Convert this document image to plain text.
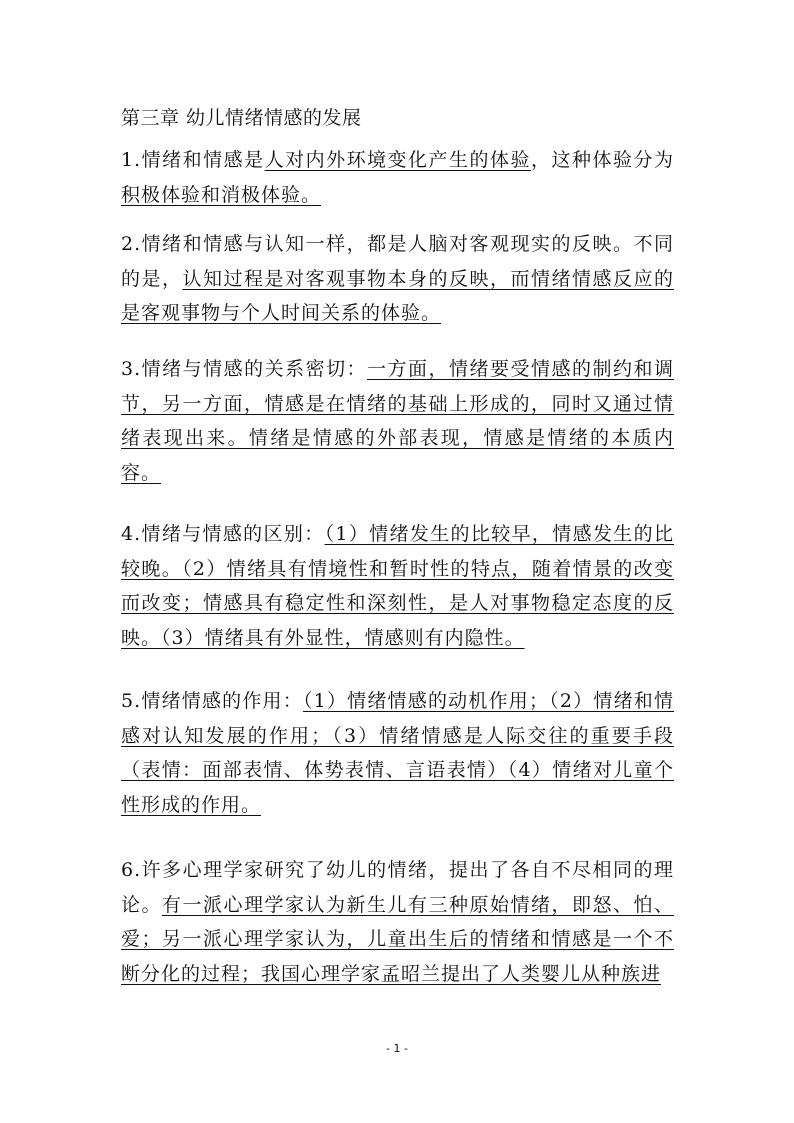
第三章 幼儿情绪情感的发展
1.情绪和情感是人对内外环境变化产生的体验，这种体验分为积极体验和消极体验。
2.情绪和情感与认知一样，都是人脑对客观现实的反映。不同的是，认知过程是对客观事物本身的反映，而情绪情感反应的是客观事物与个人时间关系的体验。
3.情绪与情感的关系密切：一方面，情绪要受情感的制约和调节，另一方面，情感是在情绪的基础上形成的，同时又通过情绪表现出来。情绪是情感的外部表现，情感是情绪的本质内容。
4.情绪与情感的区别：（1）情绪发生的比较早，情感发生的比较晚。（2）情绪具有情境性和暂时性的特点，随着情景的改变而改变；情感具有稳定性和深刻性，是人对事物稳定态度的反映。（3）情绪具有外显性，情感则有内隐性。
5.情绪情感的作用：（1）情绪情感的动机作用；（2）情绪和情感对认知发展的作用；（3）情绪情感是人际交往的重要手段（表情：面部表情、体势表情、言语表情）（4）情绪对儿童个性形成的作用。
6.许多心理学家研究了幼儿的情绪，提出了各自不尽相同的理论。有一派心理学家认为新生儿有三种原始情绪，即怒、怕、爱；另一派心理学家认为，儿童出生后的情绪和情感是一个不断分化的过程；我国心理学家孟昭兰提出了人类婴儿从种族进
- 1 -
